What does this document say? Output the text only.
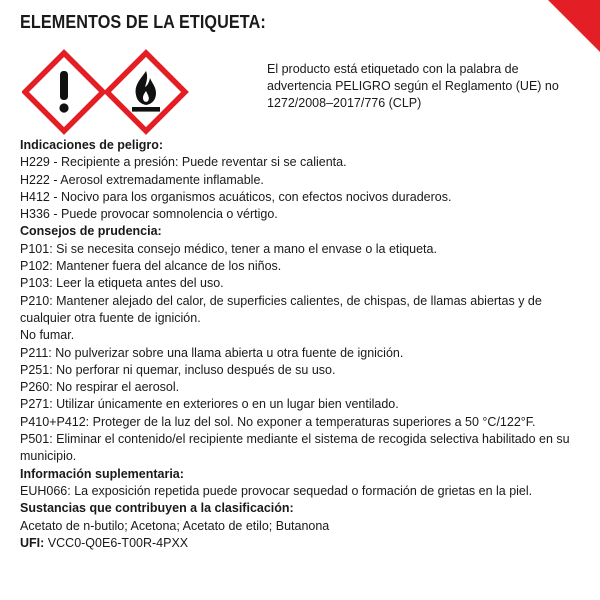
ELEMENTOS DE LA ETIQUETA:
El producto está etiquetado con la palabra de advertencia PELIGRO según el Reglamento (UE) no 1272/2008–2017/776 (CLP)
Indicaciones de peligro:
H229 - Recipiente a presión: Puede reventar si se calienta.
H222 - Aerosol extremadamente inflamable.
H412 - Nocivo para los organismos acuáticos, con efectos nocivos duraderos.
H336 - Puede provocar somnolencia o vértigo.
Consejos de prudencia:
P101: Si se necesita consejo médico, tener a mano el envase o la etiqueta.
P102: Mantener fuera del alcance de los niños.
P103: Leer la etiqueta antes del uso.
P210: Mantener alejado del calor, de superficies calientes, de chispas, de llamas abiertas y de cualquier otra fuente de ignición.
No fumar.
P211: No pulverizar sobre una llama abierta u otra fuente de ignición.
P251: No perforar ni quemar, incluso después de su uso.
P260: No respirar el aerosol.
P271: Utilizar únicamente en exteriores o en un lugar bien ventilado.
P410+P412: Proteger de la luz del sol. No exponer a temperaturas superiores a 50 °C/122°F.
P501: Eliminar el contenido/el recipiente mediante el sistema de recogida selectiva habilitado en su municipio.
Información suplementaria:
EUH066: La exposición repetida puede provocar sequedad o formación de grietas en la piel.
Sustancias que contribuyen a la clasificación:
Acetato de n-butilo; Acetona; Acetato de etilo; Butanona
UFI: VCC0-Q0E6-T00R-4PXX
